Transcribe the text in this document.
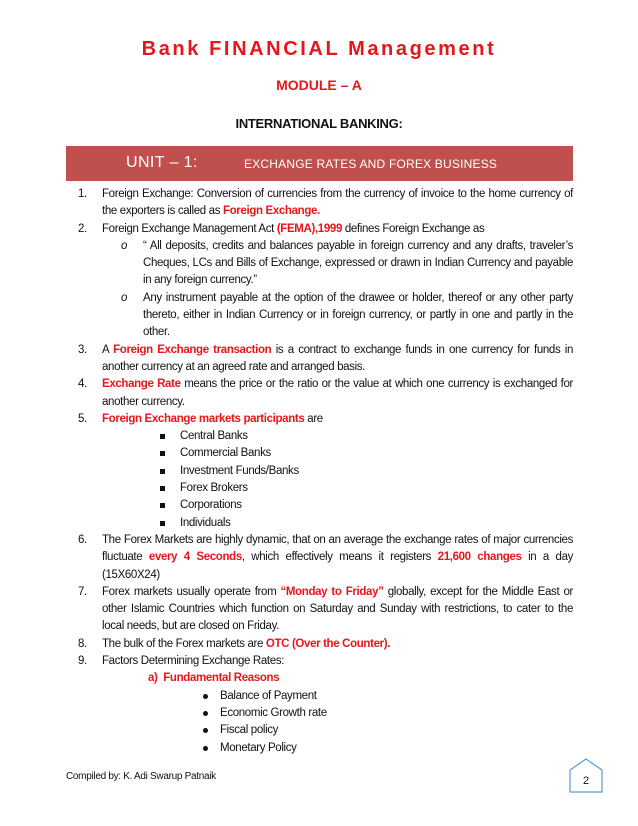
Bank FINANCIAL Management
MODULE – A
INTERNATIONAL BANKING:
UNIT – 1:	EXCHANGE RATES AND FOREX BUSINESS
1. Foreign Exchange: Conversion of currencies from the currency of invoice to the home currency of the exporters is called as Foreign Exchange.
2. Foreign Exchange Management Act (FEMA),1999 defines Foreign Exchange as
o “ All deposits, credits and balances payable in foreign currency and any drafts, traveler’s Cheques, LCs and Bills of Exchange, expressed or drawn in Indian Currency and payable in any foreign currency.”
o Any instrument payable at the option of the drawee or holder, thereof or any other party thereto, either in Indian Currency or in foreign currency, or partly in one and partly in the other.
3. A Foreign Exchange transaction is a contract to exchange funds in one currency for funds in another currency at an agreed rate and arranged basis.
4. Exchange Rate means the price or the ratio or the value at which one currency is exchanged for another currency.
5. Foreign Exchange markets participants are
Central Banks
Commercial Banks
Investment Funds/Banks
Forex Brokers
Corporations
Individuals
6. The Forex Markets are highly dynamic, that on an average the exchange rates of major currencies fluctuate every 4 Seconds, which effectively means it registers 21,600 changes in a day (15X60X24)
7. Forex markets usually operate from “Monday to Friday” globally, except for the Middle East or other Islamic Countries which function on Saturday and Sunday with restrictions, to cater to the local needs, but are closed on Friday.
8. The bulk of the Forex markets are OTC (Over the Counter).
9. Factors Determining Exchange Rates:
a) Fundamental Reasons
Balance of Payment
Economic Growth rate
Fiscal policy
Monetary Policy
Compiled by: K. Adi Swarup Patnaik	2
